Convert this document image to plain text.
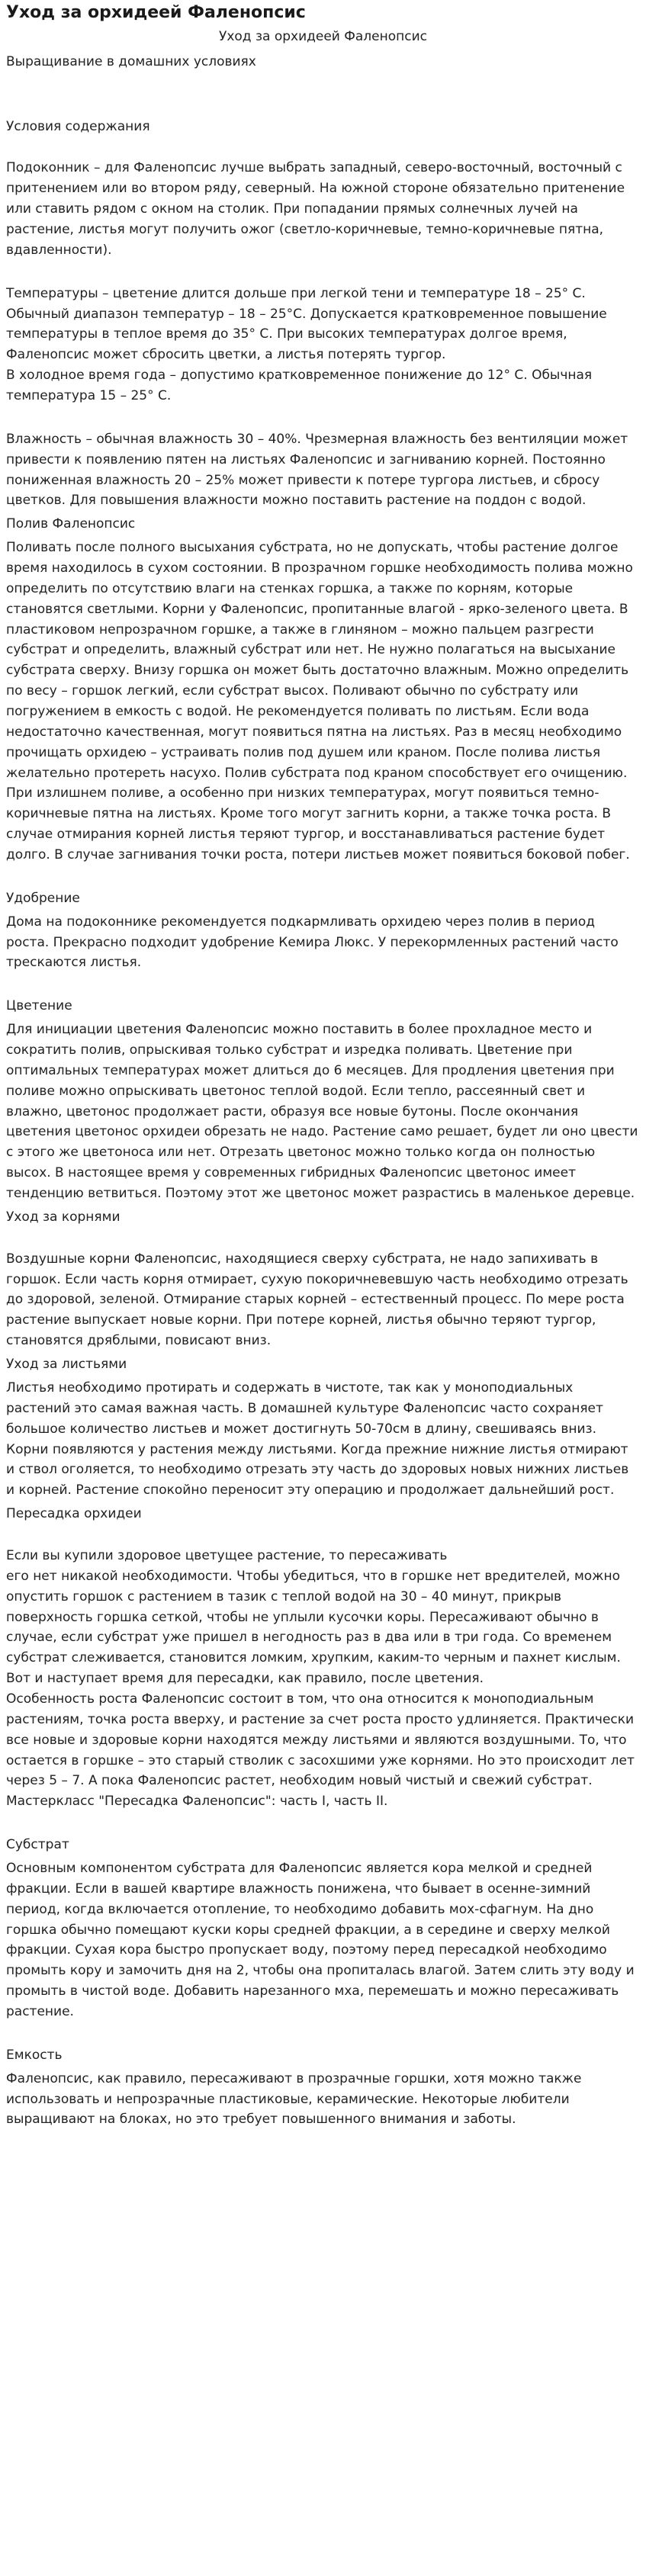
Уход за орхидеей Фаленопсис
Уход за орхидеей Фаленопсис
Выращивание в домашних условиях
Условия содержания
Подоконник – для Фаленопсис лучше выбрать западный, северо-восточный, восточный с притенением или во втором ряду, северный. На южной стороне обязательно притенение или ставить рядом с окном на столик. При попадании прямых солнечных лучей на растение, листья могут получить ожог (светло-коричневые, темно-коричневые пятна, вдавленности).
Температуры – цветение длится дольше при легкой тени и температуре 18 – 25° С. Обычный диапазон температур – 18 – 25°С. Допускается кратковременное повышение температуры в теплое время до 35° С. При высоких температурах долгое время, Фаленопсис может сбросить цветки, а листья потерять тургор.
В холодное время года – допустимо кратковременное понижение до 12° С. Обычная температура 15 – 25° С.
Влажность – обычная влажность 30 – 40%. Чрезмерная влажность без вентиляции может привести к появлению пятен на листьях Фаленопсис и загниванию корней. Постоянно пониженная влажность 20 – 25% может привести к потере тургора листьев, и сбросу цветков. Для повышения влажности можно поставить растение на поддон с водой.
Полив Фаленопсис
Поливать после полного высыхания субстрата, но не допускать, чтобы растение долгое время находилось в сухом состоянии. В прозрачном горшке необходимость полива можно определить по отсутствию влаги на стенках горшка, а также по корням, которые становятся светлыми. Корни у Фаленопсис, пропитанные влагой - ярко-зеленого цвета. В пластиковом непрозрачном горшке, а также в глиняном – можно пальцем разгрести субстрат и определить, влажный субстрат или нет. Не нужно полагаться на высыхание субстрата сверху. Внизу горшка он может быть достаточно влажным. Можно определить по весу – горшок легкий, если субстрат высох. Поливают обычно по субстрату или погружением в емкость с водой. Не рекомендуется поливать по листьям. Если вода недостаточно качественная, могут появиться пятна на листьях. Раз в месяц необходимо прочищать орхидею – устраивать полив под душем или краном. После полива листья желательно протереть насухо. Полив субстрата под краном способствует его очищению. При излишнем поливе, а особенно при низких температурах, могут появиться темно-коричневые пятна на листьях. Кроме того могут загнить корни, а также точка роста. В случае отмирания корней листья теряют тургор, и восстанавливаться растение будет долго. В случае загнивания точки роста, потери листьев может появиться боковой побег.
Удобрение
Дома на подоконнике рекомендуется подкармливать орхидею через полив в период роста. Прекрасно подходит удобрение Кемира Люкс. У перекормленных растений часто трескаются листья.
Цветение
Для инициации цветения Фаленопсис можно поставить в более прохладное место и сократить полив, опрыскивая только субстрат и изредка поливать. Цветение при оптимальных температурах может длиться до 6 месяцев. Для продления цветения при поливе можно опрыскивать цветонос теплой водой. Если тепло, рассеянный свет и влажно, цветонос продолжает расти, образуя все новые бутоны. После окончания цветения цветонос орхидеи обрезать не надо. Растение само решает, будет ли оно цвести с этого же цветоноса или нет. Отрезать цветонос можно только когда он полностью высох. В настоящее время у современных гибридных Фаленопсис цветонос имеет тенденцию ветвиться. Поэтому этот же цветонос может разрастись в маленькое деревце.
Уход за корнями
Воздушные корни Фаленопсис, находящиеся сверху субстрата, не надо запихивать в горшок. Если часть корня отмирает, сухую покоричневевшую часть необходимо отрезать до здоровой, зеленой. Отмирание старых корней – естественный процесс. По мере роста растение выпускает новые корни. При потере корней, листья обычно теряют тургор, становятся дряблыми, повисают вниз.
Уход за листьями
Листья необходимо протирать и содержать в чистоте, так как у моноподиальных растений это самая важная часть. В домашней культуре Фаленопсис часто сохраняет большое количество листьев и может достигнуть 50-70см в длину, свешиваясь вниз. Корни появляются у растения между листьями. Когда прежние нижние листья отмирают и ствол оголяется, то необходимо отрезать эту часть до здоровых новых нижних листьев и корней. Растение спокойно переносит эту операцию и продолжает дальнейший рост.
Пересадка орхидеи
Если вы купили здоровое цветущее растение, то пересаживать
его нет никакой необходимости. Чтобы убедиться, что в горшке нет вредителей, можно опустить горшок с растением в тазик с теплой водой на 30 – 40 минут, прикрыв поверхность горшка сеткой, чтобы не уплыли кусочки коры. Пересаживают обычно в случае, если субстрат уже пришел в негодность раз в два или в три года. Со временем субстрат слеживается, становится ломким, хрупким, каким-то черным и пахнет кислым.
Вот и наступает время для пересадки, как правило, после цветения.
Особенность роста Фаленопсис состоит в том, что она относится к моноподиальным растениям, точка роста вверху, и растение за счет роста просто удлиняется. Практически все новые и здоровые корни находятся между листьями и являются воздушными. То, что остается в горшке – это старый стволик с засохшими уже корнями. Но это происходит лет через 5 – 7. А пока Фаленопсис растет, необходим новый чистый и свежий субстрат. Мастеркласс "Пересадка Фаленопсис": часть I, часть II.
Субстрат
Основным компонентом субстрата для Фаленопсис является кора мелкой и средней фракции. Если в вашей квартире влажность понижена, что бывает в осенне-зимний период, когда включается отопление, то необходимо добавить мох-сфагнум. На дно горшка обычно помещают куски коры средней фракции, а в середине и сверху мелкой фракции. Сухая кора быстро пропускает воду, поэтому перед пересадкой необходимо промыть кору и замочить дня на 2, чтобы она пропиталась влагой. Затем слить эту воду и промыть в чистой воде. Добавить нарезанного мха, перемешать и можно пересаживать растение.
Емкость
Фаленопсис, как правило, пересаживают в прозрачные горшки, хотя можно также использовать и непрозрачные пластиковые, керамические. Некоторые любители выращивают на блоках, но это требует повышенного внимания и заботы.
